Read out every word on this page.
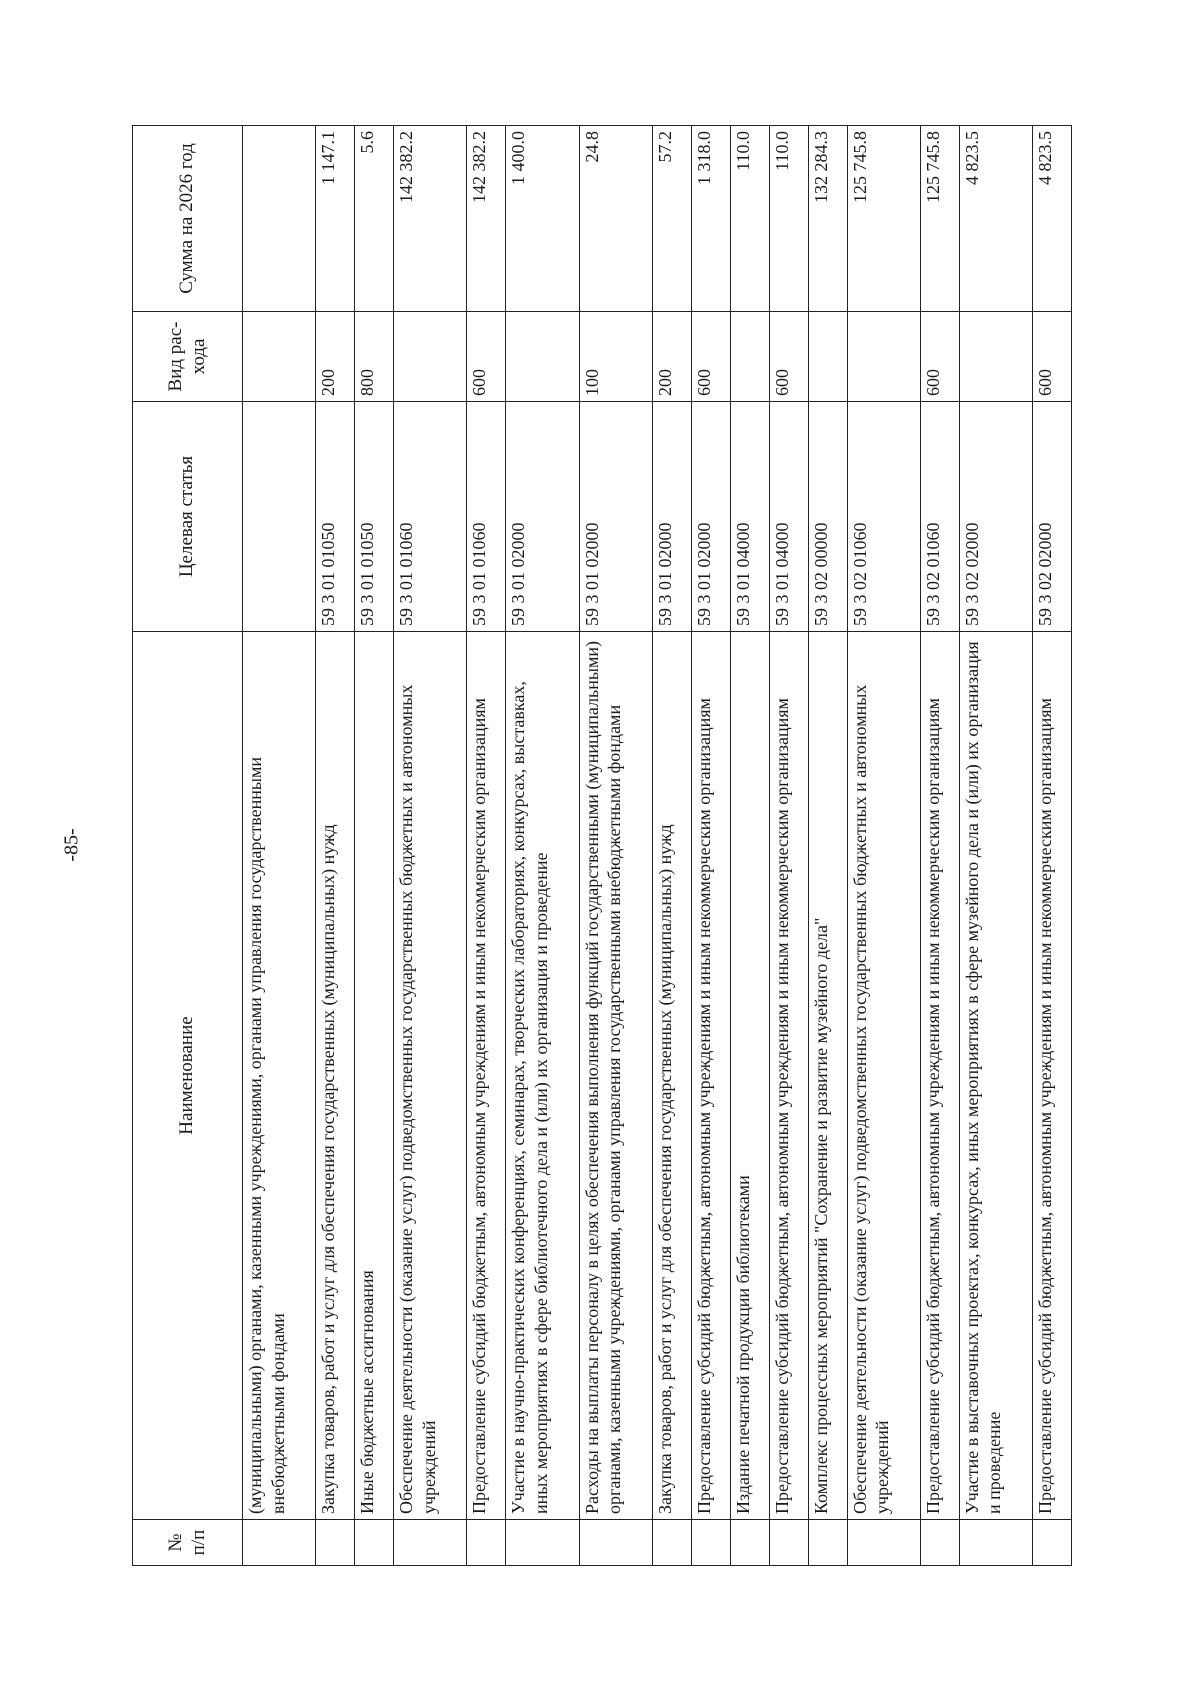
-85-
№ п/п	Наименование	Целевая статья	Вид рас-хода	Сумма на 2026 год
	(муниципальными) органами, казенными учреждениями, органами управления государственными внебюджетными фондами			
	Закупка товаров, работ и услуг для обеспечения государственных (муниципальных) нужд	59 3 01 01050	200	1 147.1
	Иные бюджетные ассигнования	59 3 01 01050	800	5.6
	Обеспечение деятельности (оказание услуг) подведомственных государственных бюджетных и автономных учреждений	59 3 01 01060		142 382.2
	Предоставление субсидий бюджетным, автономным учреждениям и иным некоммерческим организациям	59 3 01 01060	600	142 382.2
	Участие в научно-практических конференциях, семинарах, творческих лабораториях, конкурсах, выставках, иных мероприятиях в сфере библиотечного дела и (или) их организация и проведение	59 3 01 02000		1 400.0
	Расходы на выплаты персоналу в целях обеспечения выполнения функций государственными (муниципальными) органами, казенными учреждениями, органами управления государственными внебюджетными фондами	59 3 01 02000	100	24.8
	Закупка товаров, работ и услуг для обеспечения государственных (муниципальных) нужд	59 3 01 02000	200	57.2
	Предоставление субсидий бюджетным, автономным учреждениям и иным некоммерческим организациям	59 3 01 02000	600	1 318.0
	Издание печатной продукции библиотеками	59 3 01 04000		110.0
	Предоставление субсидий бюджетным, автономным учреждениям и иным некоммерческим организациям	59 3 01 04000	600	110.0
	Комплекс процессных мероприятий "Сохранение и развитие музейного дела"	59 3 02 00000		132 284.3
	Обеспечение деятельности (оказание услуг) подведомственных государственных бюджетных и автономных учреждений	59 3 02 01060		125 745.8
	Предоставление субсидий бюджетным, автономным учреждениям и иным некоммерческим организациям	59 3 02 01060	600	125 745.8
	Участие в выставочных проектах, конкурсах, иных мероприятиях в сфере музейного дела и (или) их организация и проведение	59 3 02 02000		4 823.5
	Предоставление субсидий бюджетным, автономным учреждениям и иным некоммерческим организациям	59 3 02 02000	600	4 823.5
